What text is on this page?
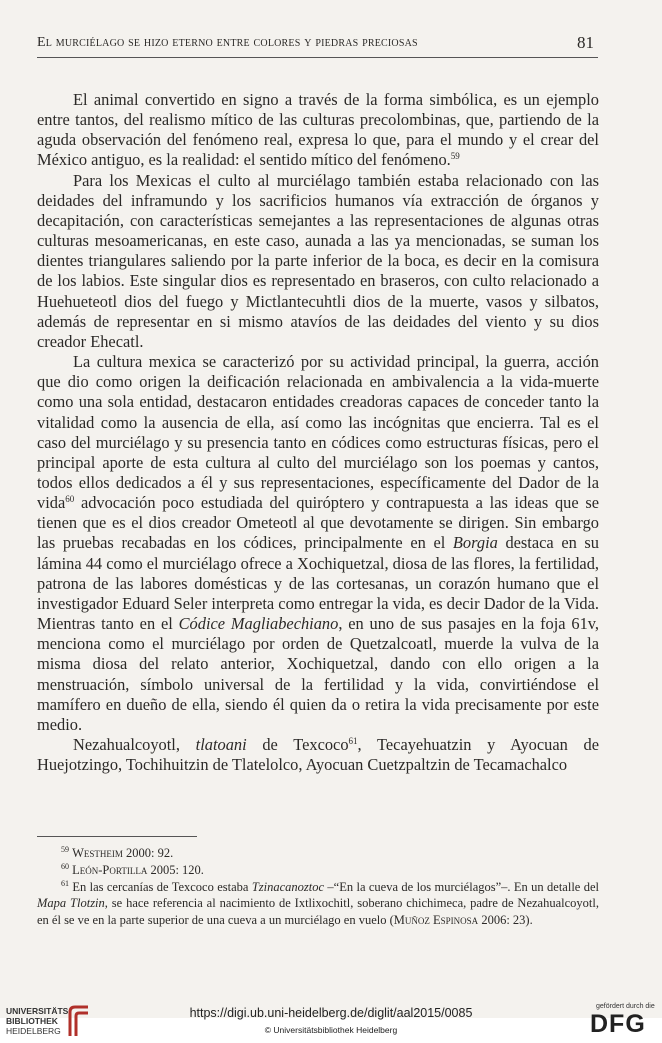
El murciélago se hizo eterno entre colores y piedras preciosas	81

El animal convertido en signo a través de la forma simbólica, es un ejemplo entre tantos, del realismo mítico de las culturas precolombinas, que, partiendo de la aguda observación del fenómeno real, expresa lo que, para el mundo y el crear del México antiguo, es la realidad: el sentido mítico del fenómeno.$^{59}$

Para los Mexicas el culto al murciélago también estaba relacionado con las deidades del inframundo y los sacrificios humanos vía extracción de órganos y decapitación, con características semejantes a las representaciones de algunas otras culturas mesoamericanas, en este caso, aunada a las ya mencionadas, se suman los dientes triangulares saliendo por la parte inferior de la boca, es decir en la comisura de los labios. Este singular dios es representado en braseros, con culto relacionado a Huehueteotl dios del fuego y Mictlantecuhtli dios de la muerte, vasos y silbatos, además de representar en si mismo atavíos de las deidades del viento y su dios creador Ehecatl.

La cultura mexica se caracterizó por su actividad principal, la guerra, acción que dio como origen la deificación relacionada en ambivalencia a la vida-muerte como una sola entidad, destacaron entidades creadoras capaces de conceder tanto la vitalidad como la ausencia de ella, así como las incógnitas que encierra. Tal es el caso del murciélago y su presencia tanto en códices como estructuras físicas, pero el principal aporte de esta cultura al culto del murciélago son los poemas y cantos, todos ellos dedicados a él y sus representaciones, específicamente del Dador de la vida$^{60}$ advocación poco estudiada del quiróptero y contrapuesta a las ideas que se tienen que es el dios creador Ometeotl al que devotamente se dirigen. Sin embargo las pruebas recabadas en los códices, principalmente en el Borgia destaca en su lámina 44 como el murciélago ofrece a Xochiquetzal, diosa de las flores, la fertilidad, patrona de las labores domésticas y de las cortesanas, un corazón humano que el investigador Eduard Seler interpreta como entregar la vida, es decir Dador de la Vida. Mientras tanto en el Códice Magliabechiano, en uno de sus pasajes en la foja 61v, menciona como el murciélago por orden de Quetzalcoatl, muerde la vulva de la misma diosa del relato anterior, Xochiquetzal, dando con ello origen a la menstruación, símbolo universal de la fertilidad y la vida, convirtiéndose el mamífero en dueño de ella, siendo él quien da o retira la vida precisamente por este medio.

Nezahualcoyotl, tlatoani de Texcoco$^{61}$, Tecayehuatzin y Ayocuan de Huejotzingo, Tochihuitzin de Tlatelolco, Ayocuan Cuetzpaltzin de Tecamachalco

$^{59}$ Westheim 2000: 92.

$^{60}$ León-Portilla 2005: 120.

$^{61}$ En las cercanías de Texcoco estaba Tzinacanoztoc –“En la cueva de los murciélagos”–. En un detalle del Mapa Tlotzin, se hace referencia al nacimiento de Ixtlixochitl, soberano chichimeca, padre de Nezahualcoyotl, en él se ve en la parte superior de una cueva a un murciélago en vuelo (Muñoz Espinosa 2006: 23).

UNIVERSITÄTS-
BIBLIOTHEK
HEIDELBERG
https://digi.ub.uni-heidelberg.de/diglit/aal2015/0085
© Universitätsbibliothek Heidelberg
gefördert durch die
DFG
